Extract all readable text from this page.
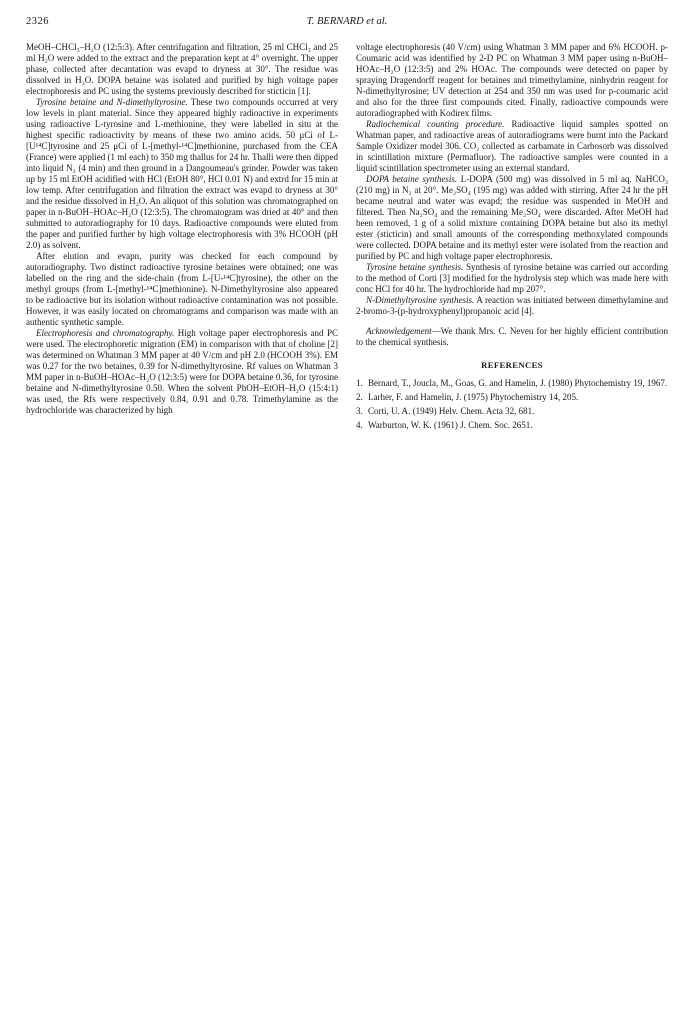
2326	T. BERNARD et al.

MeOH–CHCl₃–H₂O (12:5:3). After centrifugation and filtration, 25 ml CHCl₃ and 25 ml H₂O were added to the extract and the preparation kept at 4° overnight. The upper phase, collected after decantation was evapd to dryness at 30°. The residue was dissolved in H₂O. DOPA betaine was isolated and purified by high voltage paper electrophoresis and PC using the systems previously described for sticticin [1].

Tyrosine betaine and N-dimethyltyrosine. These two compounds occurred at very low levels in plant material. Since they appeared highly radioactive in experiments using radioactive L-tyrosine and L-methionine, they were labelled in situ at the highest specific radioactivity by means of these two amino acids. 50 μCi of L-[U¹⁴C]tyrosine and 25 μCi of L-[methyl-¹⁴C]methionine, purchased from the CEA (France) were applied (1 ml each) to 350 mg thallus for 24 hr. Thalli were then dipped into liquid N₂ (4 min) and then ground in a Dangoumeau's grinder. Powder was taken up by 15 ml EtOH acidified with HCl (EtOH 80°, HCl 0.01 N) and extrd for 15 min at low temp. After centrifugation and filtration the extract was evapd to dryness at 30° and the residue dissolved in H₂O. An aliquot of this solution was chromatographed on paper in n-BuOH–HOAc–H₂O (12:3:5). The chromatogram was dried at 40° and then submitted to autoradiography for 10 days. Radioactive compounds were eluted from the paper and purified further by high voltage electrophoresis with 3% HCOOH (pH 2.0) as solvent.

After elution and evapn, purity was checked for each compound by autoradiography. Two distinct radioactive tyrosine betaines were obtained; one was labelled on the ring and the side-chain (from L-[U-¹⁴C]tyrosine), the other on the methyl groups (from L-[methyl-¹⁴C]methionine). N-Dimethyltyrosine also appeared to be radioactive but its isolation without radioactive contamination was not possible. However, it was easily located on chromatograms and comparison was made with an authentic synthetic sample.

Electrophoresis and chromatography. High voltage paper electrophoresis and PC were used. The electrophoretic migration (EM) in comparison with that of choline [2] was determined on Whatman 3 MM paper at 40 V/cm and pH 2.0 (HCOOH 3%). EM was 0.27 for the two betaines, 0.39 for N-dimethyltyrosine. Rf values on Whatman 3 MM paper in n-BuOH–HOAc–H₂O (12:3:5) were for DOPA betaine 0.36, for tyrosine betaine and N-dimethyltyrosine 0.50. When the solvent PhOH–EtOH–H₂O (15:4:1) was used, the Rfs were respectively 0.84, 0.91 and 0.78. Trimethylamine as the hydrochloride was characterized by high

voltage electrophoresis (40 V/cm) using Whatman 3 MM paper and 6% HCOOH. p-Coumaric acid was identified by 2-D PC on Whatman 3 MM paper using n-BuOH–HOAc–H₂O (12:3:5) and 2% HOAc. The compounds were detected on paper by spraying Dragendorff reagent for betaines and trimethylamine, ninhydrin reagent for N-dimethyltyrosine; UV detection at 254 and 350 nm was used for p-coumaric acid and also for the three first compounds cited. Finally, radioactive compounds were autoradiographed with Kodirex films.

Radiochemical counting procedure. Radioactive liquid samples spotted on Whatman paper, and radioactive areas of autoradiograms were burnt into the Packard Sample Oxidizer model 306. CO₂ collected as carbamate in Carbosorb was dissolved in scintillation mixture (Permafluor). The radioactive samples were counted in a liquid scintillation spectrometer using an external standard.

DOPA betaine synthesis. L-DOPA (500 mg) was dissolved in 5 ml aq. NaHCO₃ (210 mg) in N₂ at 20°. Me₂SO₄ (195 mg) was added with stirring. After 24 hr the pH became neutral and water was evapd; the residue was suspended in MeOH and filtered. Then Na₂SO₄ and the remaining Me₂SO₄ were discarded. After MeOH had been removed, 1 g of a solid mixture containing DOPA betaine but also its methyl ester (sticticin) and small amounts of the corresponding methoxylated compounds were collected. DOPA betaine and its methyl ester were isolated from the reaction and purified by PC and high voltage paper electrophoresis.

Tyrosine betaine synthesis. Synthesis of tyrosine betaine was carried out according to the method of Corti [3] modified for the hydrolysis step which was made here with conc HCl for 40 hr. The hydrochloride had mp 207°.

N-Dimethyltyrosine synthesis. A reaction was initiated between dimethylamine and 2-bromo-3-(p-hydroxyphenyl)propanoic acid [4].

Acknowledgement—We thank Mrs. C. Neveu for her highly efficient contribution to the chemical synthesis.

REFERENCES
1. Bernard, T., Joucla, M., Goas, G. and Hamelin, J. (1980) Phytochemistry 19, 1967.
2. Larher, F. and Hamelin, J. (1975) Phytochemistry 14, 205.
3. Corti, U. A. (1949) Helv. Chem. Acta 32, 681.
4. Warburton, W. K. (1961) J. Chem. Soc. 2651.
